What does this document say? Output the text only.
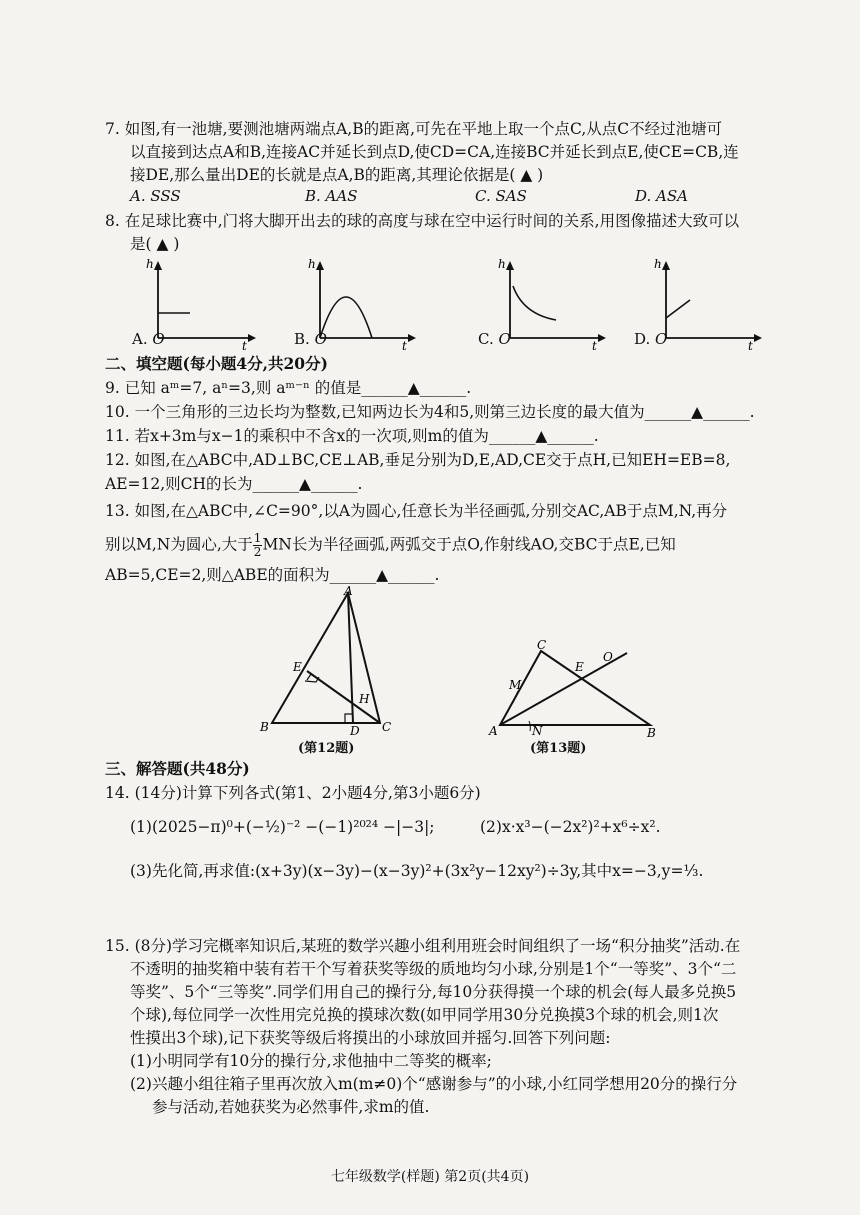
7. 如图,有一池塘,要测池塘两端点A,B的距离,可先在平地上取一个点C,从点C不经过池塘可
以直接到达点A和B,连接AC并延长到点D,使CD=CA,连接BC并延长到点E,使CE=CB,连
接DE,那么量出DE的长就是点A,B的距离,其理论依据是( ▲ )
A. SSS	B. AAS	C. SAS	D. ASA
8. 在足球比赛中,门将大脚开出去的球的高度与球在空中运行时间的关系,用图像描述大致可以
是( ▲ )
h
t
A. O
h
t
B. O
h
t
C. O
h
t
D. O
二、填空题(每小题4分,共20分)
9. 已知 aᵐ=7, aⁿ=3,则 aᵐ⁻ⁿ 的值是______▲______.
10. 一个三角形的三边长均为整数,已知两边长为4和5,则第三边长度的最大值为______▲______.
11. 若x+3m与x−1的乘积中不含x的一次项,则m的值为______▲______.
12. 如图,在△ABC中,AD⊥BC,CE⊥AB,垂足分别为D,E,AD,CE交于点H,已知EH=EB=8,
AE=12,则CH的长为______▲______.
13. 如图,在△ABC中,∠C=90°,以A为圆心,任意长为半径画弧,分别交AC,AB于点M,N,再分
别以M,N为圆心,大于 $\frac{1}{2}$ MN长为半径画弧,两弧交于点O,作射线AO,交BC于点E,已知
AB=5,CE=2,则△ABE的面积为______▲______.
A
B	C
D
E
H
(第12题)
A	B
C
E
M
N
O
(第13题)
三、解答题(共48分)
14. (14分)计算下列各式(第1、2小题4分,第3小题6分)
(1)(2025−π)⁰+(−½)⁻² −(−1)²⁰²⁴ −|−3|;	(2)x·x³−(−2x²)²+x⁶÷x².
(3)先化简,再求值:(x+3y)(x−3y)−(x−3y)²+(3x²y−12xy²)÷3y,其中x=−3,y=⅓.
15. (8分)学习完概率知识后,某班的数学兴趣小组利用班会时间组织了一场“积分抽奖”活动.在
不透明的抽奖箱中装有若干个写着获奖等级的质地均匀小球,分别是1个“一等奖”、3个“二
等奖”、5个“三等奖”.同学们用自己的操行分,每10分获得摸一个球的机会(每人最多兑换5
个球),每位同学一次性用完兑换的摸球次数(如甲同学用30分兑换摸3个球的机会,则1次
性摸出3个球),记下获奖等级后将摸出的小球放回并摇匀.回答下列问题:
(1)小明同学有10分的操行分,求他抽中二等奖的概率;
(2)兴趣小组往箱子里再次放入m(m≠0)个“感谢参与”的小球,小红同学想用20分的操行分
参与活动,若她获奖为必然事件,求m的值.
七年级数学(样题) 第2页(共4页)
